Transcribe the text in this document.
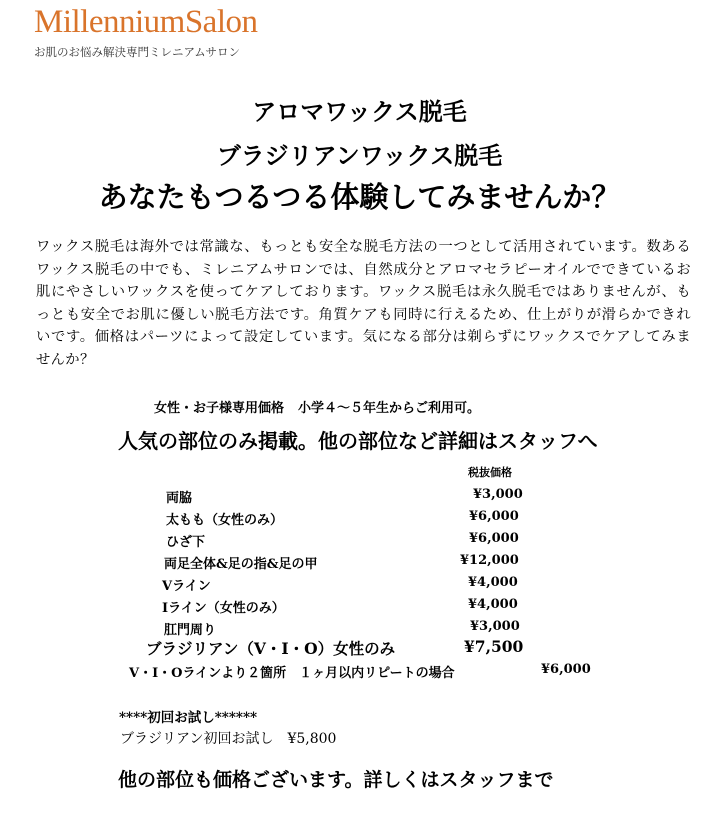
MillenniumSalon
お肌のお悩み解決専門ミレニアムサロン
アロマワックス脱毛
ブラジリアンワックス脱毛
あなたもつるつる体験してみませんか？
ワックス脱毛は海外では常識な、もっとも安全な脱毛方法の一つとして活用されています。数あるワックス脱毛の中でも、ミレニアムサロンでは、自然成分とアロマセラピーオイルでできているお肌にやさしいワックスを使ってケアしております。ワックス脱毛は永久脱毛ではありませんが、もっとも安全でお肌に優しい脱毛方法です。角質ケアも同時に行えるため、仕上がりが滑らかできれいです。価格はパーツによって設定しています。気になる部分は剃らずにワックスでケアしてみませんか？
女性・お子様専用価格 小学４～５年生からご利用可。
人気の部位のみ掲載。他の部位など詳細はスタッフへ
税抜価格
両脇	¥3,000
太もも（女性のみ）	¥6,000
ひざ下	¥6,000
両足全体&足の指&足の甲	¥12,000
Vライン	¥4,000
Iライン（女性のみ）	¥4,000
肛門周り	¥3,000
ブラジリアン（V・I・O）女性のみ	¥7,500
V・I・Oラインより２箇所　１ヶ月以内リピートの場合	¥6,000
****初回お試し******
ブラジリアン初回お試し　¥5,800
他の部位も価格ございます。詳しくはスタッフまで
